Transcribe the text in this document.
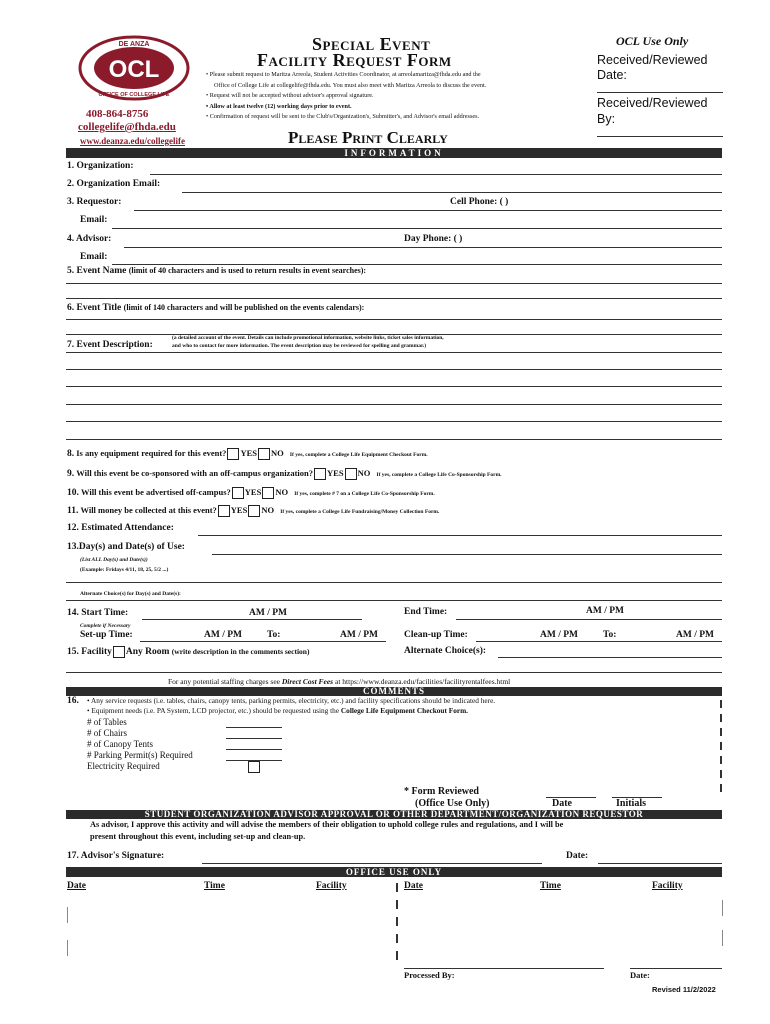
OCL
DE ANZA
OFFICE OF COLLEGE LIFE
408-864-8756
collegelife@fhda.edu
www.deanza.edu/collegelife
Special Event
Facility Request Form
• Please submit request to Maritza Arreola, Student Activities Coordinator, at arreolamaritza@fhda.edu and the
Office of College Life at collegelife@fhda.edu. You must also meet with Maritza Arreola to discuss the event.
• Request will not be accepted without advisor's approval signature.
• Allow at least twelve (12) working days prior to event.
• Confirmation of request will be sent to the Club's/Organization's, Submitter's, and Advisor's email addresses.
Please Print Clearly
OCL Use Only
Received/Reviewed
Date:
Received/Reviewed
By:
INFORMATION
1. Organization:
2. Organization Email:
3. Requestor:	Cell Phone: ( )
Email:
4. Advisor:	Day Phone: ( )
Email:
5. Event Name (limit of 40 characters and is used to return results in event searches):
6. Event Title (limit of 140 characters and will be published on the events calendars):
7. Event Description:
(a detailed account of the event. Details can include promotional information, website links, ticket sales information,
and who to contact for more information. The event description may be reviewed for spelling and grammar.)
8. Is any equipment required for this event? YES NO If yes, complete a College Life Equipment Checkout Form.
9. Will this event be co-sponsored with an off-campus organization? YES NO If yes, complete a College Life Co-Sponsorship Form.
10. Will this event be advertised off-campus? YES NO If yes, complete # 7 on a College Life Co-Sponsorship Form.
11. Will money be collected at this event? YES NO If yes, complete a College Life Fundraising/Money Collection Form.
12. Estimated Attendance:
13.Day(s) and Date(s) of Use:
(List ALL Day(s) and Date(s))
(Example: Fridays 4/11, 18, 25, 5/2 ...)
Alternate Choice(s) for Day(s) and Date(s):
14. Start Time:	AM / PM	End Time:	AM / PM
Complete if Necessary
Set-up Time:	AM / PM	To:	AM / PM	Clean-up Time:	AM / PM	To:	AM / PM
15. Facility Any Room (write description in the comments section)	Alternate Choice(s):
For any potential staffing charges see Direct Cost Fees at https://www.deanza.edu/facilities/facilityrentalfees.html
COMMENTS
16. • Any service requests (i.e. tables, chairs, canopy tents, parking permits, electricity, etc.) and facility specifications should be indicated here.
• Equipment needs (i.e. PA System, LCD projector, etc.) should be requested using the College Life Equipment Checkout Form.
# of Tables
# of Chairs
# of Canopy Tents
# Parking Permit(s) Required
Electricity Required
* Form Reviewed
(Office Use Only)	Date	Initials
STUDENT ORGANIZATION ADVISOR APPROVAL OR OTHER DEPARTMENT/ORGANIZATION REQUESTOR
As advisor, I approve this activity and will advise the members of their obligation to uphold college rules and regulations, and I will be
present throughout this event, including set-up and clean-up.
17. Advisor's Signature:	Date:
OFFICE USE ONLY
Date	Time	Facility	Date	Time	Facility
Processed By:	Date:
Revised 11/2/2022
